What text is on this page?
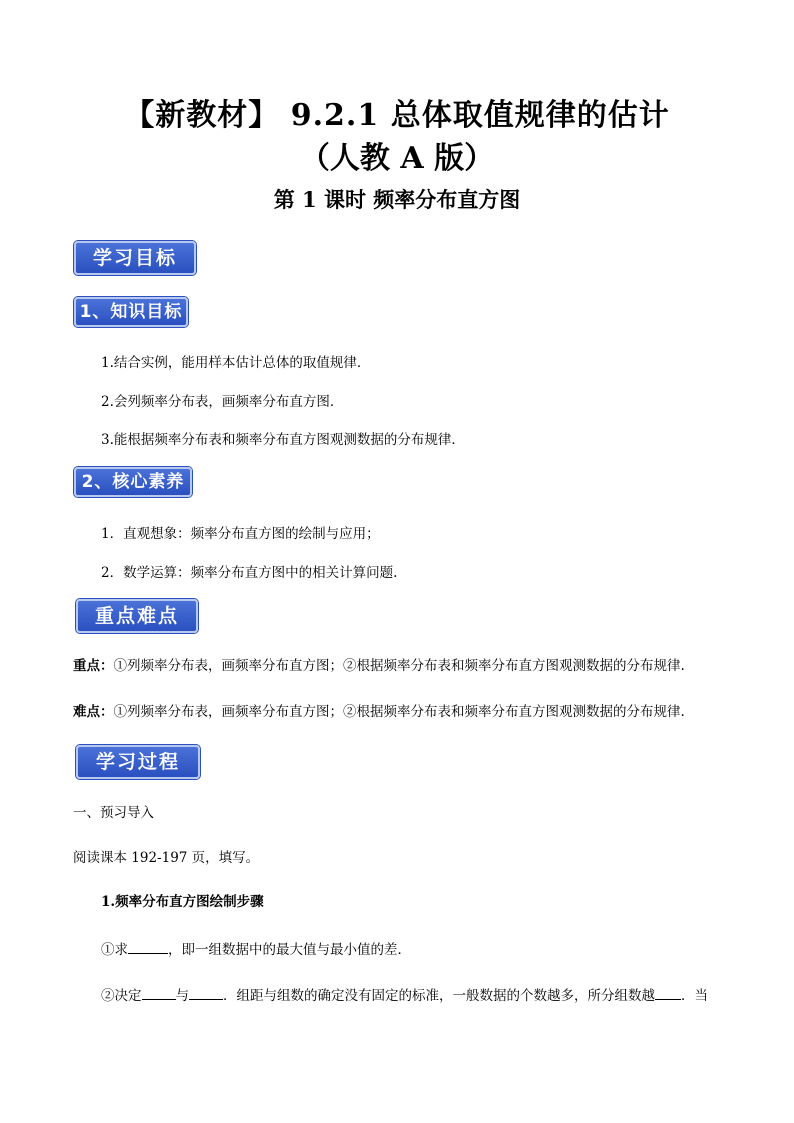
【新教材】 9.2.1 总体取值规律的估计
（人教 A 版）
第 1 课时 频率分布直方图
学习目标
1、知识目标
1.结合实例，能用样本估计总体的取值规律．
2.会列频率分布表，画频率分布直方图．
3.能根据频率分布表和频率分布直方图观测数据的分布规律．
2、核心素养
1．直观想象：频率分布直方图的绘制与应用；
2．数学运算：频率分布直方图中的相关计算问题.
重点难点
重点：①列频率分布表，画频率分布直方图；②根据频率分布表和频率分布直方图观测数据的分布规律.
难点：①列频率分布表，画频率分布直方图；②根据频率分布表和频率分布直方图观测数据的分布规律.
学习过程
一、预习导入
阅读课本 192-197 页，填写。
1.频率分布直方图绘制步骤
①求	，即一组数据中的最大值与最小值的差．
②决定	与	．组距与组数的确定没有固定的标准，一般数据的个数越多，所分组数越 ．当
